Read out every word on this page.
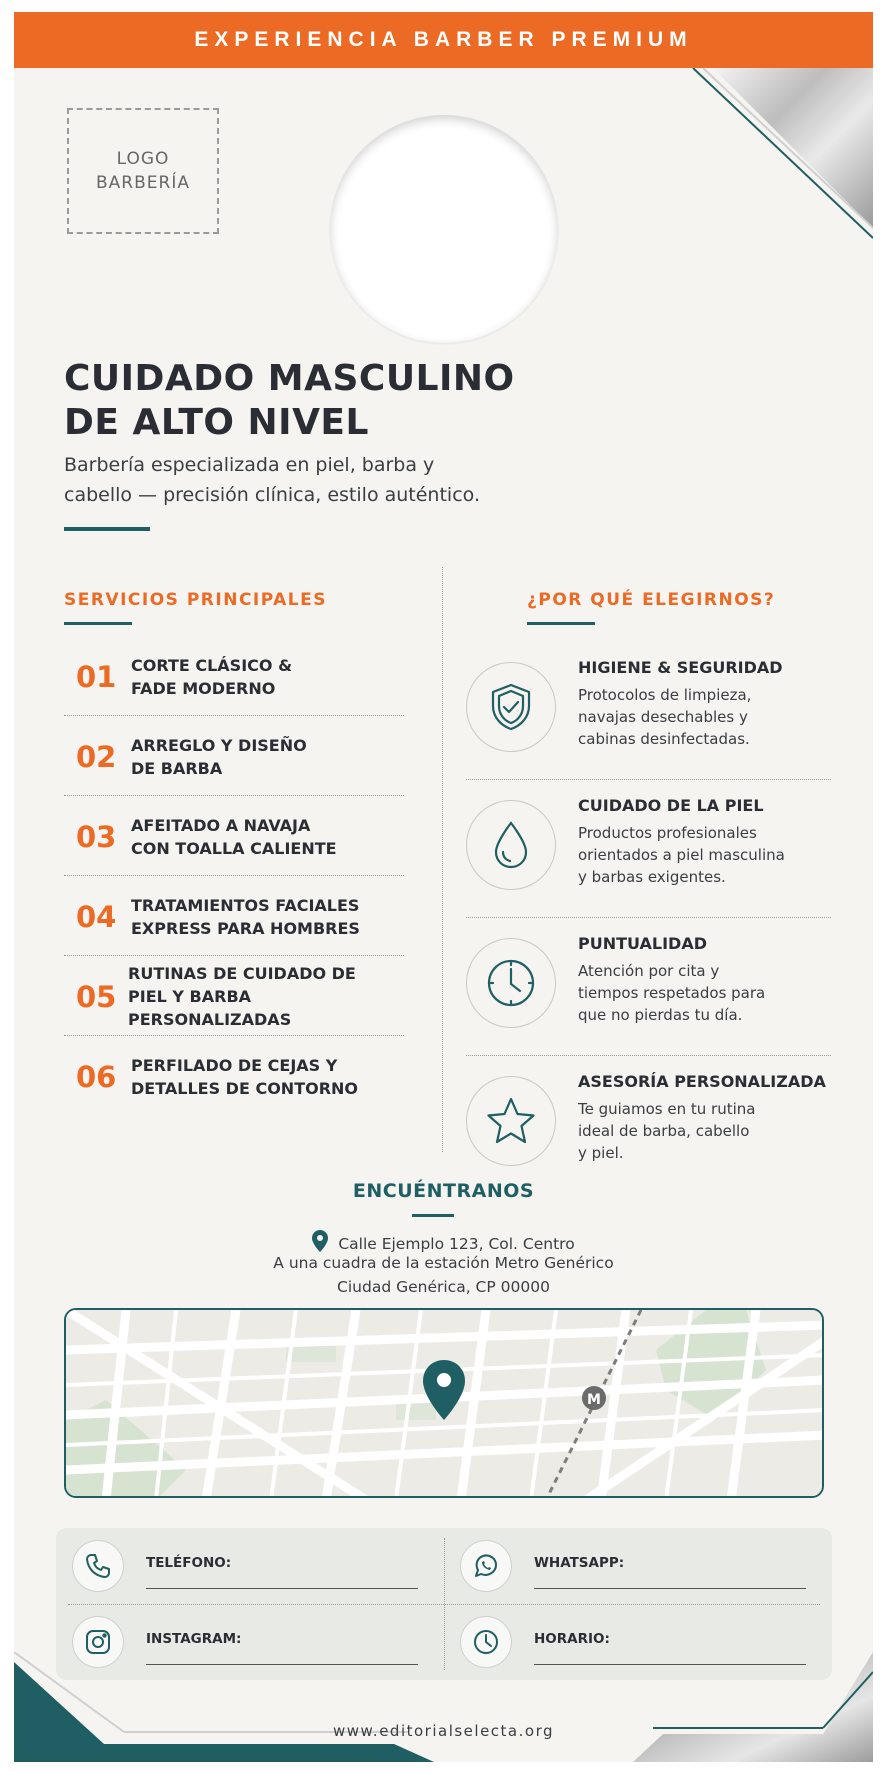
EXPERIENCIA BARBER PREMIUM
LOGO
BARBERÍA
CUIDADO MASCULINO
DE ALTO NIVEL
Barbería especializada en piel, barba y
cabello — precisión clínica, estilo auténtico.
SERVICIOS PRINCIPALES
01 CORTE CLÁSICO &
FADE MODERNO
02 ARREGLO Y DISEÑO
DE BARBA
03 AFEITADO A NAVAJA
CON TOALLA CALIENTE
04 TRATAMIENTOS FACIALES
EXPRESS PARA HOMBRES
05
RUTINAS DE CUIDADO DE
PIEL Y BARBA PERSONALIZADAS
06 PERFILADO DE CEJAS Y
DETALLES DE CONTORNO
¿POR QUÉ ELEGIRNOS?
HIGIENE & SEGURIDAD
Protocolos de limpieza,
navajas desechables y
cabinas desinfectadas.
CUIDADO DE LA PIEL
Productos profesionales
orientados a piel masculina
y barbas exigentes.
PUNTUALIDAD
Atención por cita y
tiempos respetados para
que no pierdas tu día.
ASESORÍA PERSONALIZADA
Te guiamos en tu rutina
ideal de barba, cabello
y piel.
ENCUÉNTRANOS
Calle Ejemplo 123, Col. Centro
A una cuadra de la estación Metro Genérico
Ciudad Genérica, CP 00000
M
TELÉFONO:	WHATSAPP:
INSTAGRAM:	HORARIO:
www.editorialselecta.org
